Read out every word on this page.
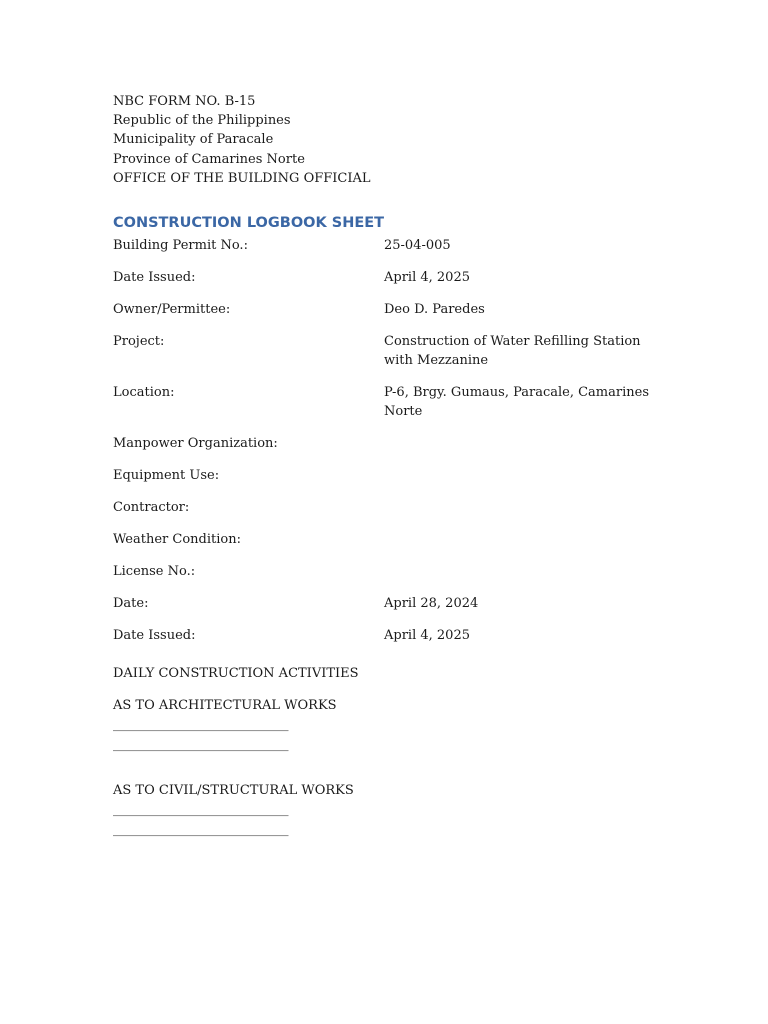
NBC FORM NO. B-15
Republic of the Philippines
Municipality of Paracale
Province of Camarines Norte
OFFICE OF THE BUILDING OFFICIAL
CONSTRUCTION LOGBOOK SHEET
Building Permit No.:	25-04-005
Date Issued:	April 4, 2025
Owner/Permittee:	Deo D. Paredes
Project:	Construction of Water Refilling Station with Mezzanine
Location:	P-6, Brgy. Gumaus, Paracale, Camarines Norte
Manpower Organization:
Equipment Use:
Contractor:
Weather Condition:
License No.:
Date:	April 28, 2024
Date Issued:	April 4, 2025
DAILY CONSTRUCTION ACTIVITIES
AS TO ARCHITECTURAL WORKS
___________________________
___________________________
AS TO CIVIL/STRUCTURAL WORKS
___________________________
___________________________
